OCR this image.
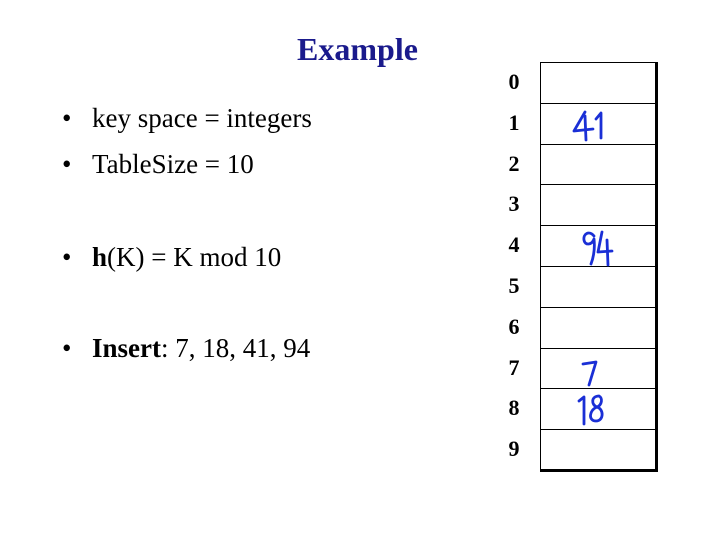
Example
• key space = integers
• TableSize = 10
• h(K) = K mod 10
• Insert: 7, 18, 41, 94
0
1
2
3
4
5
6
7
8
9
